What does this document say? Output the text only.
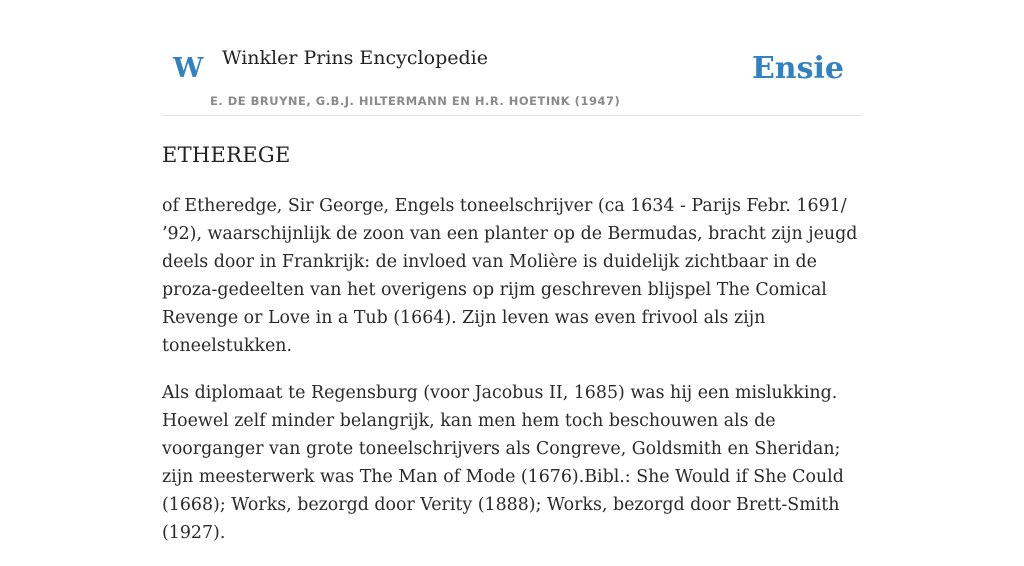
W Winkler Prins Encyclopedie
E. DE BRUYNE, G.B.J. HILTERMANN EN H.R. HOETINK (1947)
Ensie
ETHEREGE

of Etheredge, Sir George, Engels toneelschrijver (ca 1634 - Parijs Febr. 1691/ ’92), waarschijnlijk de zoon van een planter op de Bermudas, bracht zijn jeugd deels door in Frankrijk: de invloed van Molière is duidelijk zichtbaar in de proza-gedeelten van het overigens op rijm geschreven blijspel The Comical Revenge or Love in a Tub (1664). Zijn leven was even frivool als zijn toneelstukken.

Als diplomaat te Regensburg (voor Jacobus II, 1685) was hij een mislukking. Hoewel zelf minder belangrijk, kan men hem toch beschouwen als de voorganger van grote toneelschrijvers als Congreve, Goldsmith en Sheridan; zijn meesterwerk was The Man of Mode (1676).Bibl.: She Would if She Could (1668); Works, bezorgd door Verity (1888); Works, bezorgd door Brett-Smith (1927).
